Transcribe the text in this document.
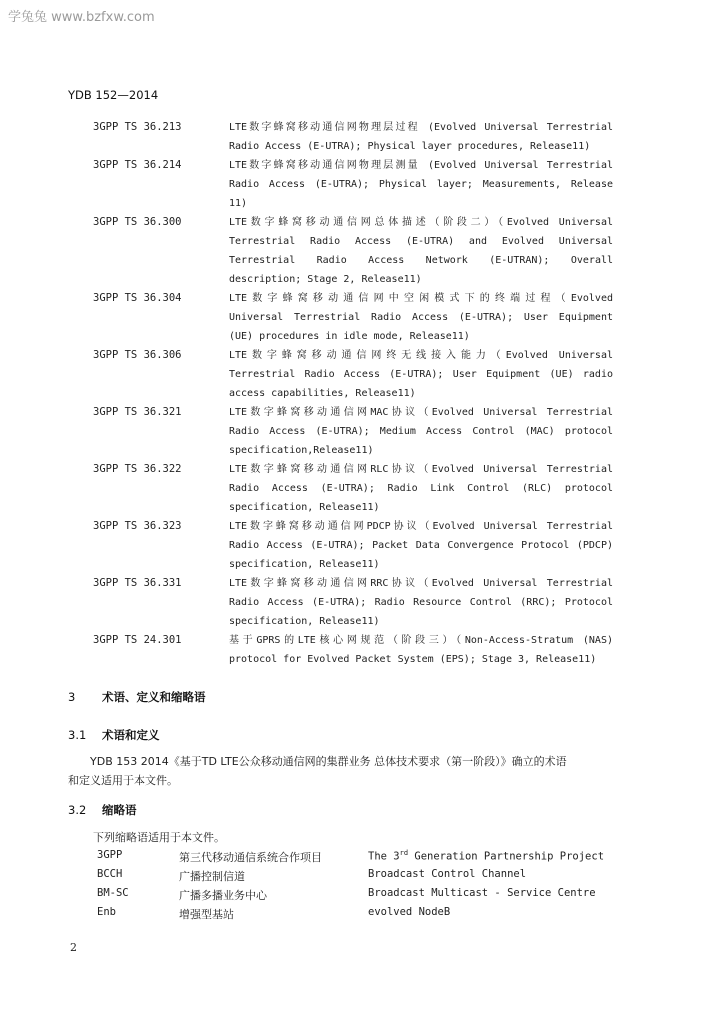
学兔兔 www.bzfxw.com
YDB 152—2014
3GPP TS 36.213	LTE数字蜂窝移动通信网物理层过程 (Evolved Universal Terrestrial
Radio Access (E-UTRA); Physical layer procedures, Release11)
3GPP TS 36.214	LTE数字蜂窝移动通信网物理层测量 (Evolved Universal Terrestrial
Radio Access (E-UTRA); Physical layer; Measurements, Release
11)
3GPP TS 36.300	LTE数字蜂窝移动通信网总体描述（阶段二）（Evolved Universal
Terrestrial Radio Access (E-UTRA) and Evolved Universal
Terrestrial Radio Access Network (E-UTRAN); Overall
description; Stage 2, Release11)
3GPP TS 36.304	LTE数字蜂窝移动通信网中空闲模式下的终端过程（Evolved
Universal Terrestrial Radio Access (E-UTRA); User Equipment
(UE) procedures in idle mode, Release11)
3GPP TS 36.306	LTE数字蜂窝移动通信网终无线接入能力（Evolved Universal
Terrestrial Radio Access (E-UTRA); User Equipment (UE) radio
access capabilities, Release11)
3GPP TS 36.321	LTE数字蜂窝移动通信网MAC协议（Evolved Universal Terrestrial
Radio Access (E-UTRA); Medium Access Control (MAC) protocol
specification,Release11)
3GPP TS 36.322	LTE数字蜂窝移动通信网RLC协议（Evolved Universal Terrestrial
Radio Access (E-UTRA); Radio Link Control (RLC) protocol
specification, Release11)
3GPP TS 36.323	LTE数字蜂窝移动通信网PDCP协议（Evolved Universal Terrestrial
Radio Access (E-UTRA); Packet Data Convergence Protocol (PDCP)
specification, Release11)
3GPP TS 36.331	LTE数字蜂窝移动通信网RRC协议（Evolved Universal Terrestrial
Radio Access (E-UTRA); Radio Resource Control (RRC); Protocol
specification, Release11)
3GPP TS 24.301	基于GPRS的LTE核心网规范（阶段三）（Non-Access-Stratum (NAS)
protocol for Evolved Packet System (EPS); Stage 3, Release11)
3 术语、定义和缩略语
3.1 术语和定义
YDB 153 2014《基于TD LTE公众移动通信网的集群业务 总体技术要求（第一阶段）》确立的术语
和定义适用于本文件。
3.2 缩略语
下列缩略语适用于本文件。
3GPP	第三代移动通信系统合作项目	The 3rd Generation Partnership Project
BCCH	广播控制信道	Broadcast Control Channel
BM-SC	广播多播业务中心	Broadcast Multicast - Service Centre
Enb	增强型基站	evolved NodeB
2
